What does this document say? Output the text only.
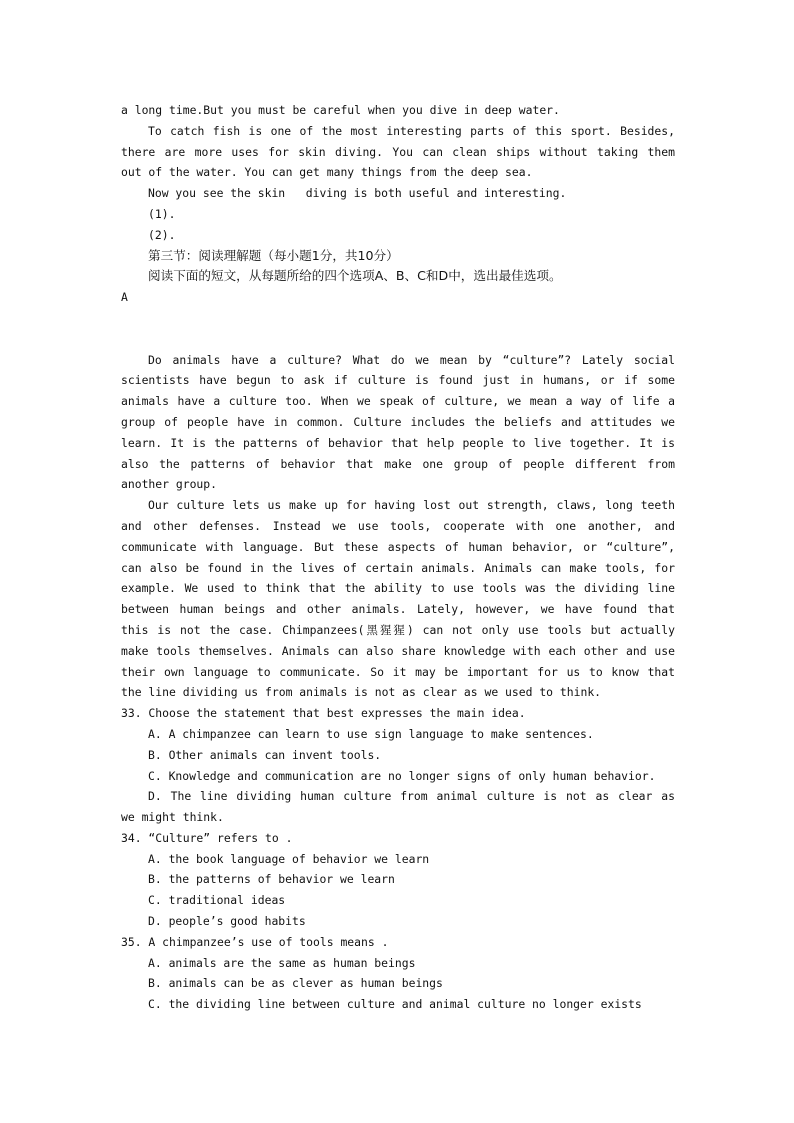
a long time.But you must be careful when you dive in deep water.
To catch fish is one of the most interesting parts of this sport. Besides,
there are more uses for skin diving. You can clean ships without taking them
out of the water. You can get many things from the deep sea.
Now you see the skin   diving is both useful and interesting.
(1).
(2).
第三节：阅读理解题（每小题1分，共10分）
阅读下面的短文，从每题所给的四个选项A、B、C和D中，选出最佳选项。
A
Do animals have a culture? What do we mean by “culture”? Lately social
scientists have begun to ask if culture is found just in humans, or if some
animals have a culture too. When we speak of culture, we mean a way of life a
group of people have in common. Culture includes the beliefs and attitudes we
learn. It is the patterns of behavior that help people to live together. It is
also the patterns of behavior that make one group of people different from
another group.
Our culture lets us make up for having lost out strength, claws, long teeth
and other defenses. Instead we use tools, cooperate with one another, and
communicate with language. But these aspects of human behavior, or “culture”,
can also be found in the lives of certain animals. Animals can make tools, for
example. We used to think that the ability to use tools was the dividing line
between human beings and other animals. Lately, however, we have found that
this is not the case. Chimpanzees(黑猩猩) can not only use tools but actually
make tools themselves. Animals can also share knowledge with each other and use
their own language to communicate. So it may be important for us to know that
the line dividing us from animals is not as clear as we used to think.
33. Choose the statement that best expresses the main idea.
A. A chimpanzee can learn to use sign language to make sentences.
B. Other animals can invent tools.
C. Knowledge and communication are no longer signs of only human behavior.
D. The line dividing human culture from animal culture is not as clear as
we might think.
34. “Culture” refers to .
A. the book language of behavior we learn
B. the patterns of behavior we learn
C. traditional ideas
D. people’s good habits
35. A chimpanzee’s use of tools means .
A. animals are the same as human beings
B. animals can be as clever as human beings
C. the dividing line between culture and animal culture no longer exists
